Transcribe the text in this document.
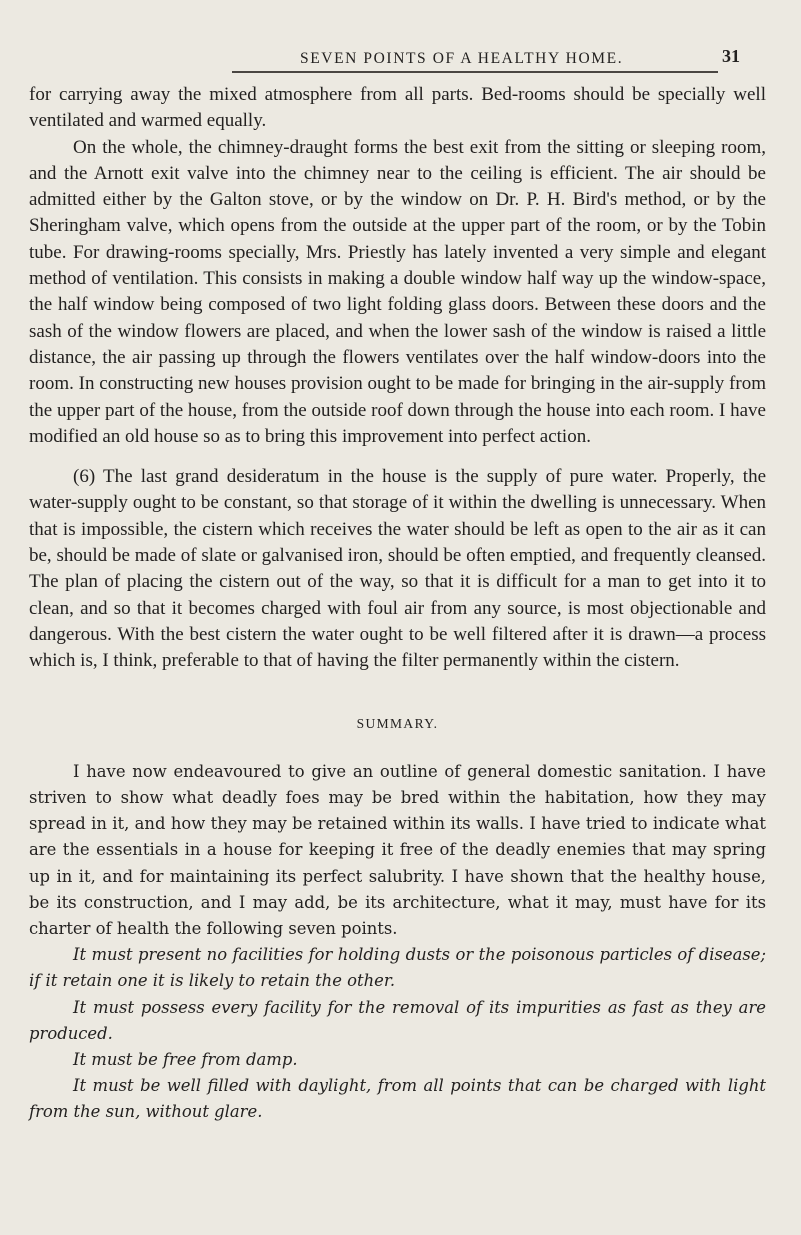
SEVEN POINTS OF A HEALTHY HOME.	31

for carrying away the mixed atmosphere from all parts. Bed-rooms should be specially well ventilated and warmed equally.

On the whole, the chimney-draught forms the best exit from the sitting or sleeping room, and the Arnott exit valve into the chimney near to the ceiling is efficient. The air should be admitted either by the Galton stove, or by the window on Dr. P. H. Bird's method, or by the Sheringham valve, which opens from the outside at the upper part of the room, or by the Tobin tube. For drawing-rooms specially, Mrs. Priestly has lately invented a very simple and elegant method of ventilation. This consists in making a double window half way up the window-space, the half window being composed of two light folding glass doors. Between these doors and the sash of the window flowers are placed, and when the lower sash of the window is raised a little distance, the air passing up through the flowers ventilates over the half window-doors into the room. In constructing new houses provision ought to be made for bringing in the air-supply from the upper part of the house, from the outside roof down through the house into each room. I have modified an old house so as to bring this improvement into perfect action.

(6) The last grand desideratum in the house is the supply of pure water. Properly, the water-supply ought to be constant, so that storage of it within the dwelling is unnecessary. When that is impossible, the cistern which receives the water should be left as open to the air as it can be, should be made of slate or galvanised iron, should be often emptied, and frequently cleansed. The plan of placing the cistern out of the way, so that it is difficult for a man to get into it to clean, and so that it becomes charged with foul air from any source, is most objectionable and dangerous. With the best cistern the water ought to be well filtered after it is drawn—a process which is, I think, preferable to that of having the filter permanently within the cistern.

SUMMARY.

I have now endeavoured to give an outline of general domestic sanitation. I have striven to show what deadly foes may be bred within the habitation, how they may spread in it, and how they may be retained within its walls. I have tried to indicate what are the essentials in a house for keeping it free of the deadly enemies that may spring up in it, and for maintaining its perfect salubrity. I have shown that the healthy house, be its construction, and I may add, be its architecture, what it may, must have for its charter of health the following seven points.

It must present no facilities for holding dusts or the poisonous particles of disease; if it retain one it is likely to retain the other.

It must possess every facility for the removal of its impurities as fast as they are produced.

It must be free from damp.

It must be well filled with daylight, from all points that can be charged with light from the sun, without glare.
